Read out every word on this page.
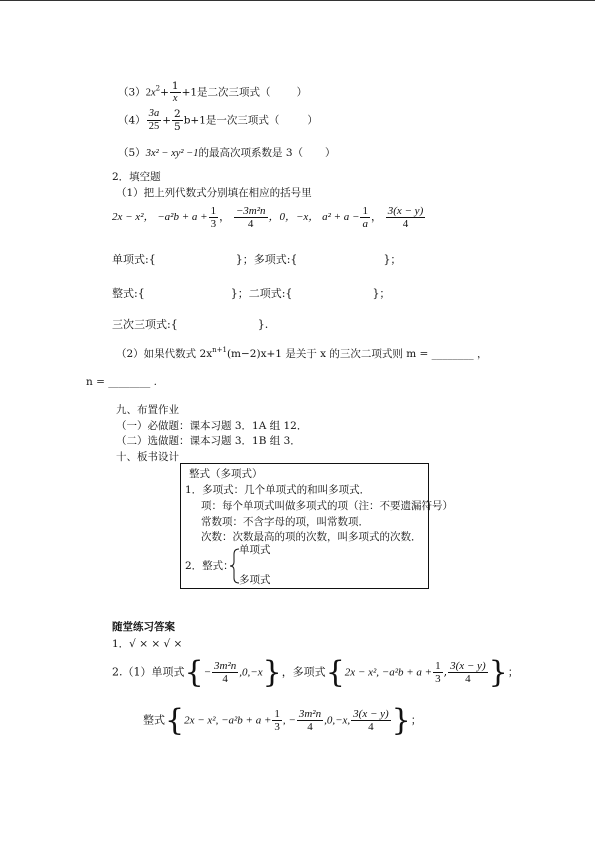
$(3)2x^2+ \frac{1}{x} +1$是二次三项式（ ）
$(4) \frac{3a}{25} + \frac{2}{5} b+1$是一次三项式（	）
（5）3x² − xy² −1的最高次项系数是 3（ ）
2．填空题
（1）把上列代数式分别填在相应的括号里
2x − x²， $-a^2b + a + \frac{1}{3}$ ， $\frac{\text{−3m²n}}{4}$ ，0，−x， $a^2 + a - \frac{1}{a}$ ， $\frac{3(x - y)}{4}$
单项式:{	}；多项式:{	}；
整式:{	}；二项式:{	}；
三次三项式:{	}.
（2）如果代数式 $2x^{n+1}(m-2)x+1$ 是关于 x 的三次二项式则 m = ________ ，
n = ________ .
九、布置作业
（一）必做题：课本习题 3．1A 组 12．
（二）选做题：课本习题 3．1B 组 3．
十、板书设计
整式（多项式）
1．多项式：几个单项式的和叫多项式．
项：每个单项式叫做多项式的项（注：不要遗漏符号）
常数项：不含字母的项，叫常数项．
次数：次数最高的项的次数，叫多项式的次数．
2．整式：
单项式
多项式
随堂练习答案
1．√ × × √ ×
2.（1）单项式{− $\frac{\text{3m²n}}{4} ,0,-x$}，多项式{2x − x², $-a^2b + a + \frac{1}{3}$ , $\frac{3(x - y)}{4}$ }；
整式{2x − x², $-a^2b + a + \frac{1}{3}$ , − $\frac{\text{3m²n}}{4} ,0,-x$, $\frac{3(x - y)}{4}$ }；
